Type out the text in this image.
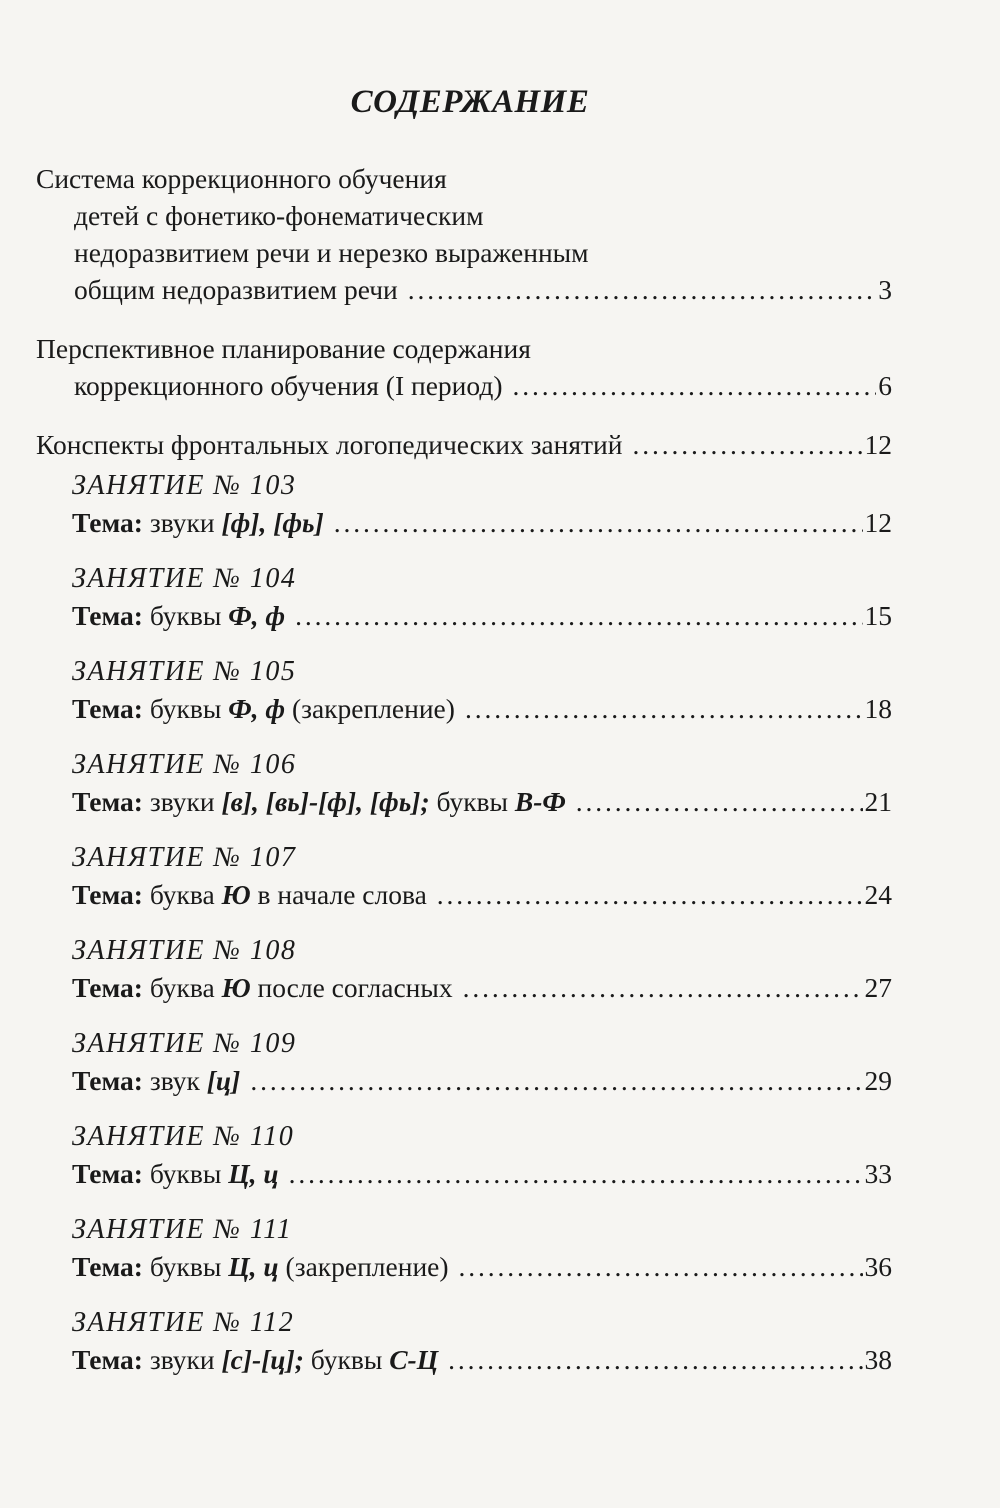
СОДЕРЖАНИЕ
Система коррекционного обучения
детей с фонетико-фонематическим
недоразвитием речи и нерезко выраженным
общим недоразвитием речи . . .	3
Перспективное планирование содержания
коррекционного обучения (I период) . . .	6
Конспекты фронтальных логопедических занятий . . .	12
ЗАНЯТИЕ № 103
Тема: звуки [ф], [фь] . . .	12
ЗАНЯТИЕ № 104
Тема: буквы Ф, ф . . .	15
ЗАНЯТИЕ № 105
Тема: буквы Ф, ф (закрепление) . . .	18
ЗАНЯТИЕ № 106
Тема: звуки [в], [вь]-[ф], [фь]; буквы В-Ф . . .	21
ЗАНЯТИЕ № 107
Тема: буква Ю в начале слова . . .	24
ЗАНЯТИЕ № 108
Тема: буква Ю после согласных . . .	27
ЗАНЯТИЕ № 109
Тема: звук [ц] . . .	29
ЗАНЯТИЕ № 110
Тема: буквы Ц, ц . . .	33
ЗАНЯТИЕ № 111
Тема: буквы Ц, ц (закрепление) . . .	36
ЗАНЯТИЕ № 112
Тема: звуки [с]-[ц]; буквы С-Ц . . .	38
